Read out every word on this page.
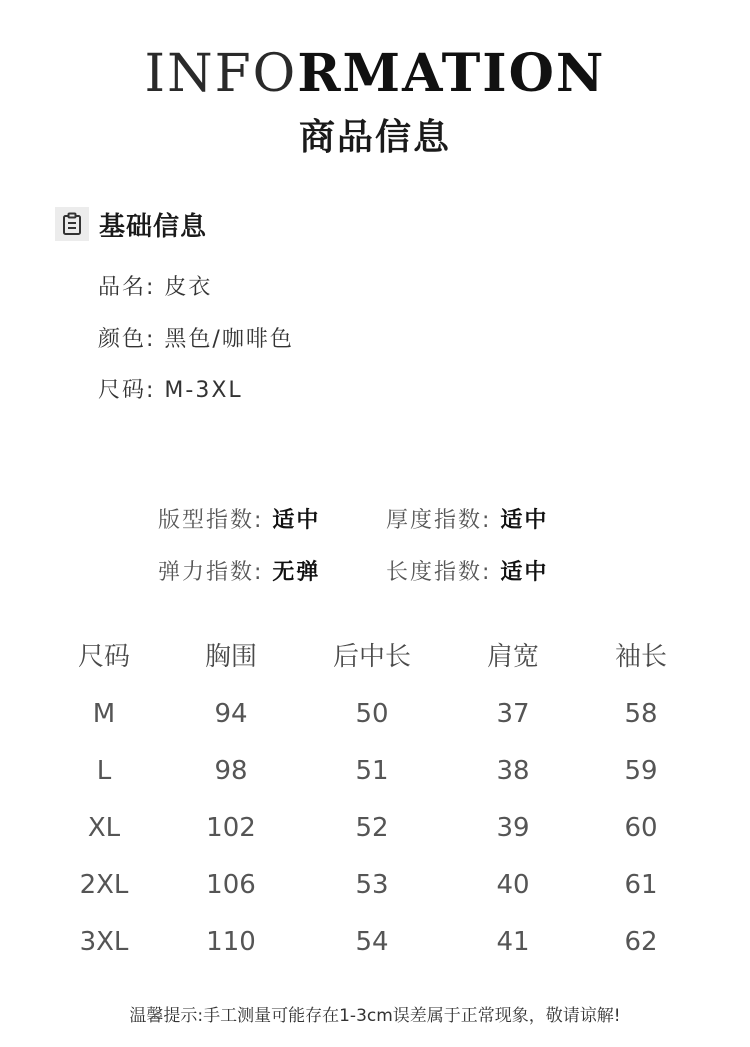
INFORMATION
商品信息
基础信息
品名: 皮衣
颜色: 黑色/咖啡色
尺码: M-3XL
版型指数: 适中
弹力指数: 无弹
厚度指数: 适中
长度指数: 适中
尺码	胸围	后中长	肩宽	袖长
M	94	50	37	58
L	98	51	38	59
XL	102	52	39	60
2XL	106	53	40	61
3XL	110	54	41	62
温馨提示:手工测量可能存在1-3cm误差属于正常现象，敬请谅解!
